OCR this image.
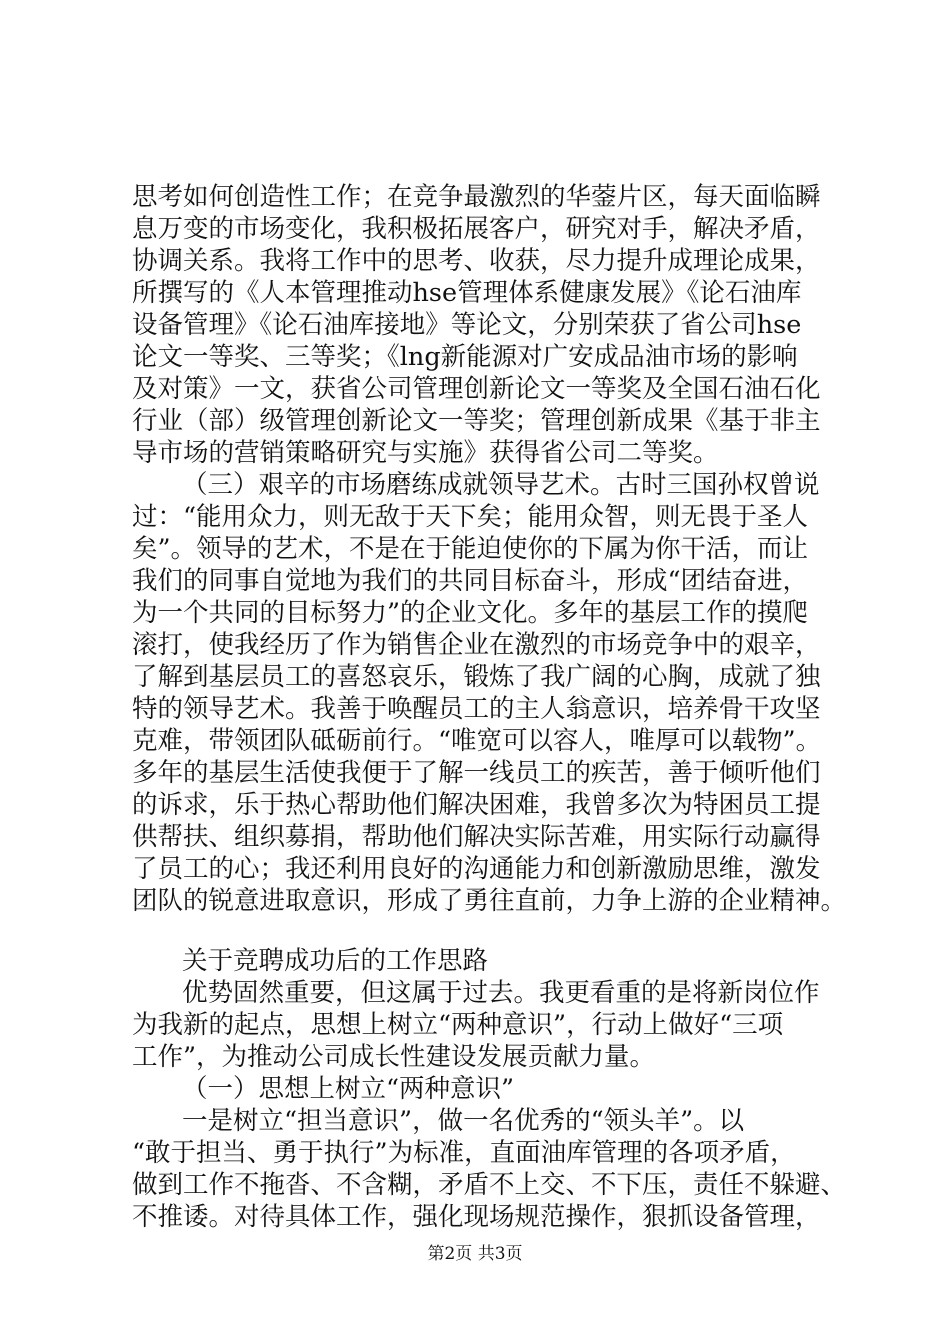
思考如何创造性工作；在竞争最激烈的华蓥片区，每天面临瞬
息万变的市场变化，我积极拓展客户，研究对手，解决矛盾，
协调关系。我将工作中的思考、收获，尽力提升成理论成果，
所撰写的《人本管理推动hse管理体系健康发展》《论石油库
设备管理》《论石油库接地》等论文，分别荣获了省公司hse
论文一等奖、三等奖；《lng新能源对广安成品油市场的影响
及对策》一文，获省公司管理创新论文一等奖及全国石油石化
行业（部）级管理创新论文一等奖；管理创新成果《基于非主
导市场的营销策略研究与实施》获得省公司二等奖。
（三）艰辛的市场磨练成就领导艺术。古时三国孙权曾说
过：“能用众力，则无敌于天下矣；能用众智，则无畏于圣人
矣”。领导的艺术，不是在于能迫使你的下属为你干活，而让
我们的同事自觉地为我们的共同目标奋斗，形成“团结奋进，
为一个共同的目标努力”的企业文化。多年的基层工作的摸爬
滚打，使我经历了作为销售企业在激烈的市场竞争中的艰辛，
了解到基层员工的喜怒哀乐，锻炼了我广阔的心胸，成就了独
特的领导艺术。我善于唤醒员工的主人翁意识，培养骨干攻坚
克难，带领团队砥砺前行。“唯宽可以容人，唯厚可以载物”。
多年的基层生活使我便于了解一线员工的疾苦，善于倾听他们
的诉求，乐于热心帮助他们解决困难，我曾多次为特困员工提
供帮扶、组织募捐，帮助他们解决实际苦难，用实际行动赢得
了员工的心；我还利用良好的沟通能力和创新激励思维，激发
团队的锐意进取意识，形成了勇往直前，力争上游的企业精神。
关于竞聘成功后的工作思路
优势固然重要，但这属于过去。我更看重的是将新岗位作
为我新的起点，思想上树立“两种意识”，行动上做好“三项
工作”，为推动公司成长性建设发展贡献力量。
（一）思想上树立“两种意识”
一是树立“担当意识”，做一名优秀的“领头羊”。以
“敢于担当、勇于执行”为标准，直面油库管理的各项矛盾，
做到工作不拖沓、不含糊，矛盾不上交、不下压，责任不躲避、
不推诿。对待具体工作，强化现场规范操作，狠抓设备管理，
第2页 共3页
